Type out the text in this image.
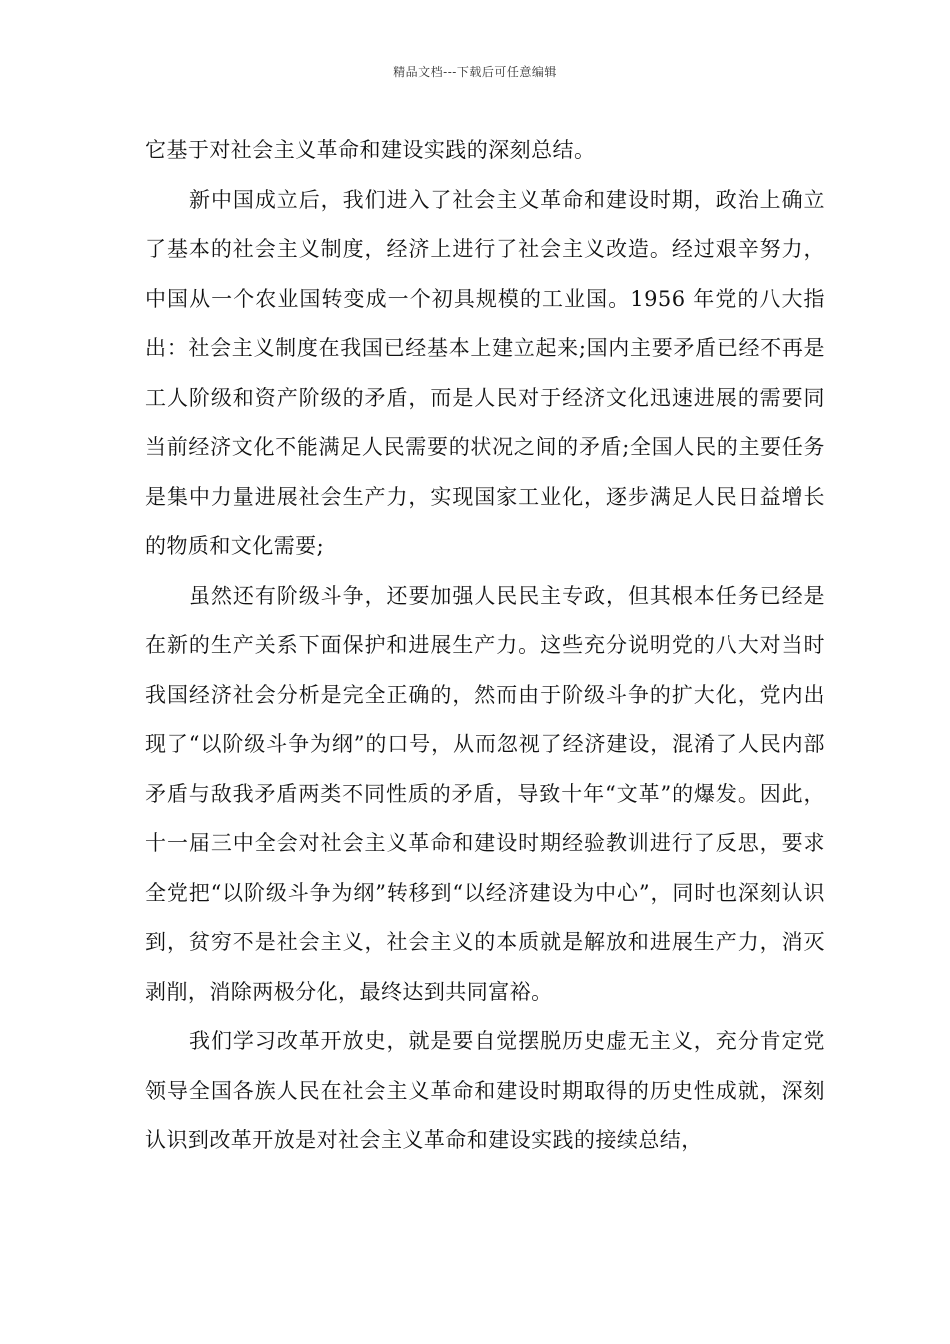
精品文档---下载后可任意编辑

它基于对社会主义革命和建设实践的深刻总结。

新中国成立后，我们进入了社会主义革命和建设时期，政治上确立了基本的社会主义制度，经济上进行了社会主义改造。经过艰辛努力，中国从一个农业国转变成一个初具规模的工业国。1956 年党的八大指出：社会主义制度在我国已经基本上建立起来;国内主要矛盾已经不再是工人阶级和资产阶级的矛盾，而是人民对于经济文化迅速进展的需要同当前经济文化不能满足人民需要的状况之间的矛盾;全国人民的主要任务是集中力量进展社会生产力，实现国家工业化，逐步满足人民日益增长的物质和文化需要;

虽然还有阶级斗争，还要加强人民民主专政，但其根本任务已经是在新的生产关系下面保护和进展生产力。这些充分说明党的八大对当时我国经济社会分析是完全正确的，然而由于阶级斗争的扩大化，党内出现了“以阶级斗争为纲”的口号，从而忽视了经济建设，混淆了人民内部矛盾与敌我矛盾两类不同性质的矛盾，导致十年“文革”的爆发。因此，十一届三中全会对社会主义革命和建设时期经验教训进行了反思，要求全党把“以阶级斗争为纲”转移到“以经济建设为中心”，同时也深刻认识到，贫穷不是社会主义，社会主义的本质就是解放和进展生产力，消灭剥削，消除两极分化，最终达到共同富裕。

我们学习改革开放史，就是要自觉摆脱历史虚无主义，充分肯定党领导全国各族人民在社会主义革命和建设时期取得的历史性成就，深刻认识到改革开放是对社会主义革命和建设实践的接续总结，
